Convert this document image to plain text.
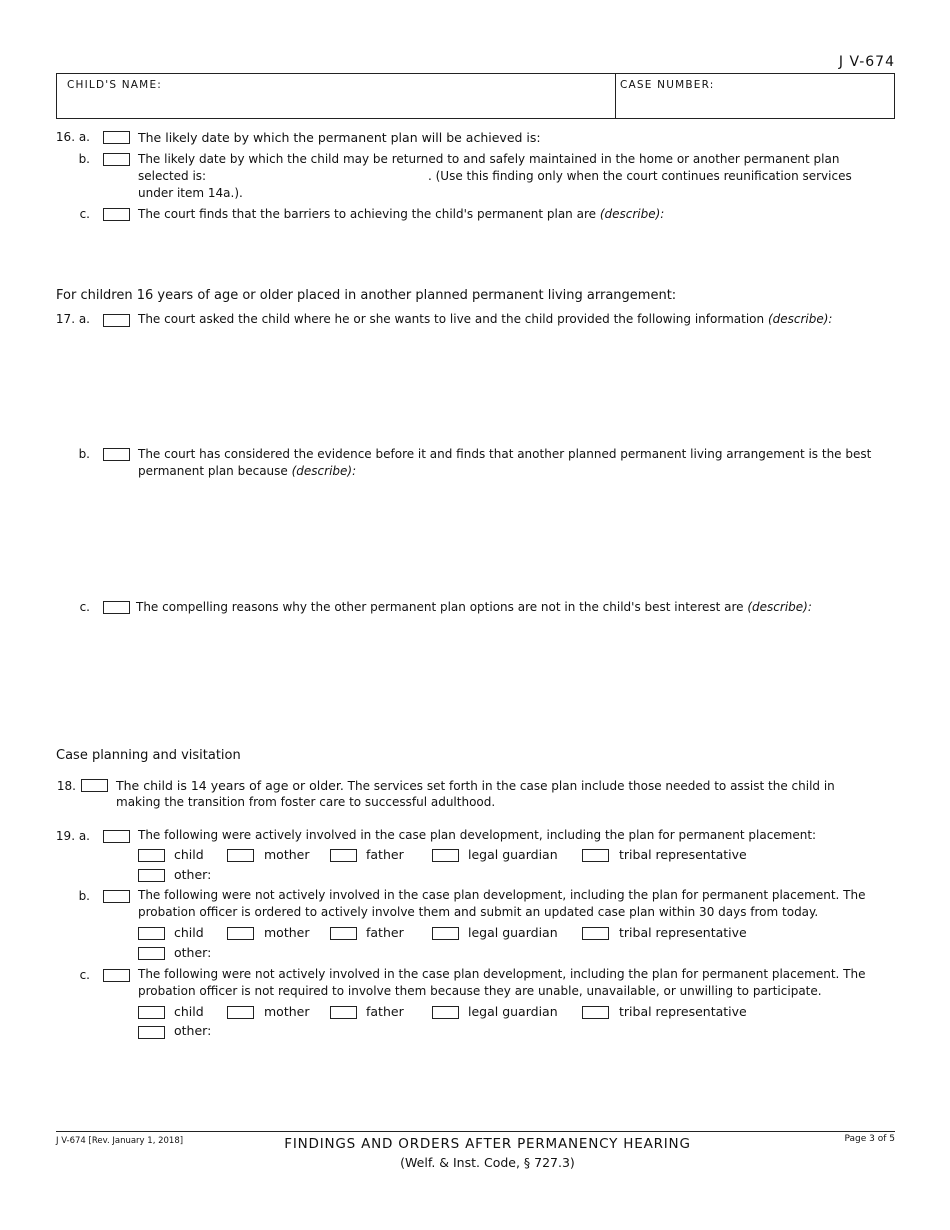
J V-674
CHILD'S NAME:	CASE NUMBER:
16. a.	The likely date by which the permanent plan will be achieved is:
b.	The likely date by which the child may be returned to and safely maintained in the home or another permanent plan
selected is:	. (Use this finding only when the court continues reunification services
under item 14a.).
c.	The court finds that the barriers to achieving the child's permanent plan are (describe):
For children 16 years of age or older placed in another planned permanent living arrangement:
17. a.	The court asked the child where he or she wants to live and the child provided the following information (describe):
b.	The court has considered the evidence before it and finds that another planned permanent living arrangement is the best
permanent plan because (describe):
c.	The compelling reasons why the other permanent plan options are not in the child's best interest are (describe):
Case planning and visitation
18.	The child is 14 years of age or older. The services set forth in the case plan include those needed to assist the child in
making the transition from foster care to successful adulthood.
19. a.	The following were actively involved in the case plan development, including the plan for permanent placement:
child	mother	father	legal guardian	tribal representative
other:
b.	The following were not actively involved in the case plan development, including the plan for permanent placement. The
probation officer is ordered to actively involve them and submit an updated case plan within 30 days from today.
child	mother	father	legal guardian	tribal representative
other:
c.	The following were not actively involved in the case plan development, including the plan for permanent placement. The
probation officer is not required to involve them because they are unable, unavailable, or unwilling to participate.
child	mother	father	legal guardian	tribal representative
other:
J V-674 [Rev. January 1, 2018]	FINDINGS AND ORDERS AFTER PERMANENCY HEARING
(Welf. & Inst. Code, § 727.3)
Page 3 of 5
